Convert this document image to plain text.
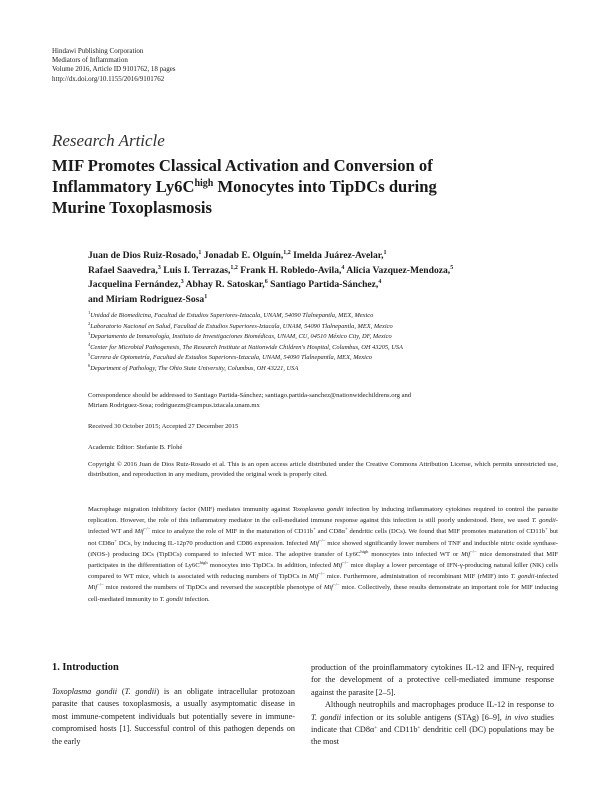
Hindawi Publishing Corporation
Mediators of Inflammation
Volume 2016, Article ID 9101762, 18 pages
http://dx.doi.org/10.1155/2016/9101762
Research Article
MIF Promotes Classical Activation and Conversion of
Inflammatory $Ly6C^{high}$ Monocytes into TipDCs during
Murine Toxoplasmosis
Juan de Dios Ruiz-Rosado,$^1$ Jonadab E. Olguín,$^{1,2}$ Imelda Juárez-Avelar,$^1$
Rafael Saavedra,$^3$ Luis I. Terrazas,$^{1,2}$ Frank H. Robledo-Avila,$^4$ Alicia Vazquez-Mendoza,$^5$
Jacquelina Fernández,$^3$ Abhay R. Satoskar,$^6$ Santiago Partida-Sánchez,$^4$
and Miriam Rodriguez-Sosa$^1$
$^1$Unidad de Biomedicina, Facultad de Estudios Superiores-Iztacala, UNAM, 54090 Tlalnepantla, MEX, Mexico
$^2$Laboratorio Nacional en Salud, Facultad de Estudios Superiores-Iztacala, UNAM, 54090 Tlalnepantla, MEX, Mexico
$^3$Departamento de Inmunología, Instituto de Investigaciones Biomédicas, UNAM, CU, 04510 México City, DF, Mexico
$^4$Center for Microbial Pathogenesis, The Research Institute at Nationwide Children's Hospital, Columbus, OH 43205, USA
$^5$Carrera de Optometría, Facultad de Estudios Superiores-Iztacala, UNAM, 54090 Tlalnepantla, MEX, Mexico
$^6$Department of Pathology, The Ohio State University, Columbus, OH 43221, USA
Correspondence should be addressed to Santiago Partida-Sánchez; santiago.partida-sanchez@nationwidechildrens.org and
Miriam Rodriguez-Sosa; rodriguezm@campus.iztacala.unam.mx
Received 30 October 2015; Accepted 27 December 2015
Academic Editor: Stefanie B. Flohé
Copyright © 2016 Juan de Dios Ruiz-Rosado et al. This is an open access article distributed under the Creative Commons Attribution License, which permits unrestricted use, distribution, and reproduction in any medium, provided the original work is properly cited.
Macrophage migration inhibitory factor (MIF) mediates immunity against Toxoplasma gondii infection by inducing inflammatory cytokines required to control the parasite replication. However, the role of this inflammatory mediator in the cell-mediated immune response against this infection is still poorly understood. Here, we used T. gondii-infected WT and Mif−/− mice to analyze the role of MIF in the maturation of CD11b+ and CD8α+ dendritic cells (DCs). We found that MIF promotes maturation of CD11b+ but not CD8α+ DCs, by inducing IL-12p70 production and CD86 expression. Infected Mif−/− mice showed significantly lower numbers of TNF and inducible nitric oxide synthase- (iNOS-) producing DCs (TipDCs) compared to infected WT mice. The adoptive transfer of $Ly6C^{high}$ monocytes into infected WT or Mif−/− mice demonstrated that MIF participates in the differentiation of $Ly6C^{high}$ monocytes into TipDCs. In addition, infected Mif−/− mice display a lower percentage of IFN-γ-producing natural killer (NK) cells compared to WT mice, which is associated with reducing numbers of TipDCs in Mif−/− mice. Furthermore, administration of recombinant MIF (rMIF) into T. gondii-infected Mif−/− mice restored the numbers of TipDCs and reversed the susceptible phenotype of Mif−/− mice. Collectively, these results demonstrate an important role for MIF inducing cell-mediated immunity to T. gondii infection.
1. Introduction
Toxoplasma gondii (T. gondii) is an obligate intracellular protozoan parasite that causes toxoplasmosis, a usually asymptomatic disease in most immune-competent individuals but potentially severe in immune-compromised hosts [1]. Successful control of this pathogen depends on the early
production of the proinflammatory cytokines IL-12 and IFN-γ, required for the development of a protective cell-mediated immune response against the parasite [2–5].
Although neutrophils and macrophages produce IL-12 in response to T. gondii infection or its soluble antigens (STAg) [6–9], in vivo studies indicate that CD8α+ and CD11b+ dendritic cell (DC) populations may be the most
